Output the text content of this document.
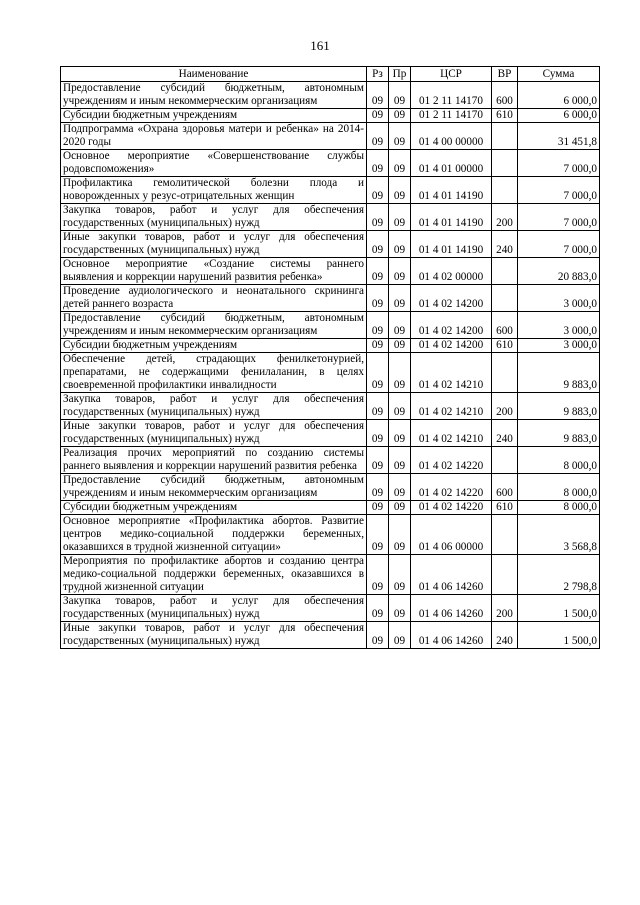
161
Наименование	Рз	Пр	ЦСР	ВР	Сумма
Предоставление субсидий бюджетным, автономным учреждениям и иным некоммерческим организациям	09	09	01 2 11 14170	600	6 000,0
Субсидии бюджетным учреждениям	09	09	01 2 11 14170	610	6 000,0
Подпрограмма «Охрана здоровья матери и ребенка» на 2014-2020 годы	09	09	01 4 00 00000		31 451,8
Основное мероприятие «Совершенствование службы родовспоможения»	09	09	01 4 01 00000		7 000,0
Профилактика гемолитической болезни плода и новорожденных у резус-отрицательных женщин	09	09	01 4 01 14190		7 000,0
Закупка товаров, работ и услуг для обеспечения государственных (муниципальных) нужд	09	09	01 4 01 14190	200	7 000,0
Иные закупки товаров, работ и услуг для обеспечения государственных (муниципальных) нужд	09	09	01 4 01 14190	240	7 000,0
Основное мероприятие «Создание системы раннего выявления и коррекции нарушений развития ребенка»	09	09	01 4 02 00000		20 883,0
Проведение аудиологического и неонатального скрининга детей раннего возраста	09	09	01 4 02 14200		3 000,0
Предоставление субсидий бюджетным, автономным учреждениям и иным некоммерческим организациям	09	09	01 4 02 14200	600	3 000,0
Субсидии бюджетным учреждениям	09	09	01 4 02 14200	610	3 000,0
Обеспечение детей, страдающих фенилкетонурией, препаратами, не содержащими фенилаланин, в целях своевременной профилактики инвалидности	09	09	01 4 02 14210		9 883,0
Закупка товаров, работ и услуг для обеспечения государственных (муниципальных) нужд	09	09	01 4 02 14210	200	9 883,0
Иные закупки товаров, работ и услуг для обеспечения государственных (муниципальных) нужд	09	09	01 4 02 14210	240	9 883,0
Реализация прочих мероприятий по созданию системы раннего выявления и коррекции нарушений развития ребенка	09	09	01 4 02 14220		8 000,0
Предоставление субсидий бюджетным, автономным учреждениям и иным некоммерческим организациям	09	09	01 4 02 14220	600	8 000,0
Субсидии бюджетным учреждениям	09	09	01 4 02 14220	610	8 000,0
Основное мероприятие «Профилактика абортов. Развитие центров медико-социальной поддержки беременных, оказавшихся в трудной жизненной ситуации»	09	09	01 4 06 00000		3 568,8
Мероприятия по профилактике абортов и созданию центра медико-социальной поддержки беременных, оказавшихся в трудной жизненной ситуации	09	09	01 4 06 14260		2 798,8
Закупка товаров, работ и услуг для обеспечения государственных (муниципальных) нужд	09	09	01 4 06 14260	200	1 500,0
Иные закупки товаров, работ и услуг для обеспечения государственных (муниципальных) нужд	09	09	01 4 06 14260	240	1 500,0
